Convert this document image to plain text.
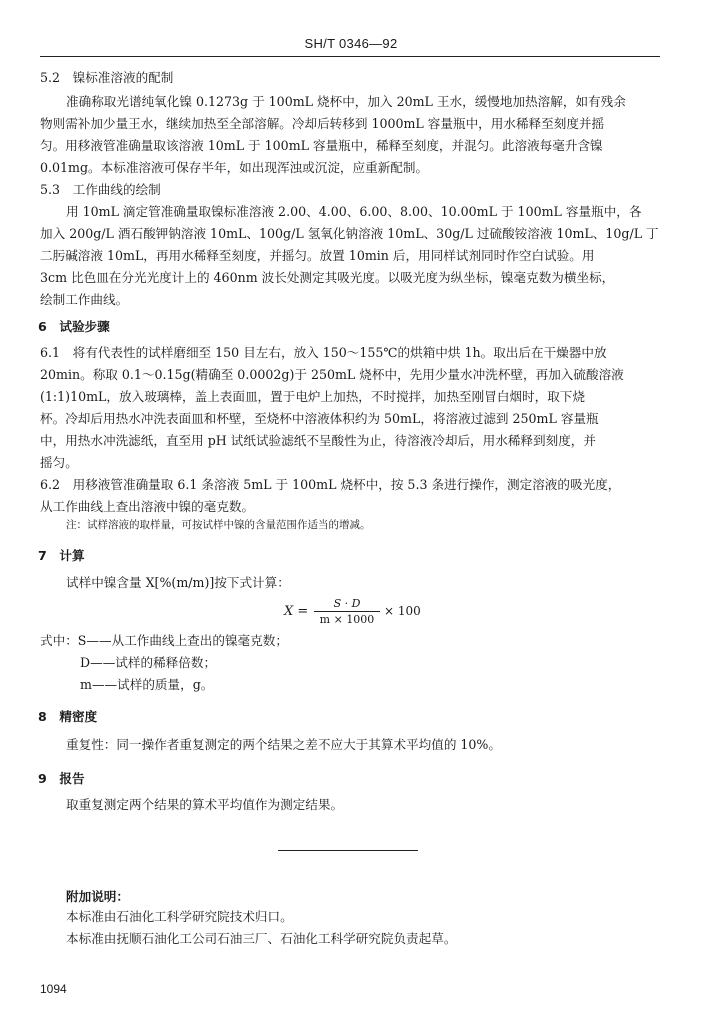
SH/T 0346—92
5.2　镍标准溶液的配制
准确称取光谱纯氧化镍 0.1273g 于 100mL 烧杯中，加入 20mL 王水，缓慢地加热溶解，如有残余
物则需补加少量王水，继续加热至全部溶解。冷却后转移到 1000mL 容量瓶中，用水稀释至刻度并摇
匀。用移液管准确量取该溶液 10mL 于 100mL 容量瓶中，稀释至刻度，并混匀。此溶液每毫升含镍
0.01mg。本标准溶液可保存半年，如出现浑浊或沉淀，应重新配制。
5.3　工作曲线的绘制
用 10mL 滴定管准确量取镍标准溶液 2.00、4.00、6.00、8.00、10.00mL 于 100mL 容量瓶中，各
加入 200g/L 酒石酸钾钠溶液 10mL、100g/L 氢氧化钠溶液 10mL、30g/L 过硫酸铵溶液 10mL、10g/L 丁
二肟碱溶液 10mL，再用水稀释至刻度，并摇匀。放置 10min 后，用同样试剂同时作空白试验。用
3cm 比色皿在分光光度计上的 460nm 波长处测定其吸光度。以吸光度为纵坐标，镍毫克数为横坐标，
绘制工作曲线。
6　试验步骤
6.1　将有代表性的试样磨细至 150 目左右，放入 150～155℃的烘箱中烘 1h。取出后在干燥器中放
20min。称取 0.1～0.15g(精确至 0.0002g)于 250mL 烧杯中，先用少量水冲洗杯壁，再加入硫酸溶液
(1:1)10mL，放入玻璃棒，盖上表面皿，置于电炉上加热，不时搅拌，加热至刚冒白烟时，取下烧
杯。冷却后用热水冲洗表面皿和杯壁，至烧杯中溶液体积约为 50mL，将溶液过滤到 250mL 容量瓶
中，用热水冲洗滤纸，直至用 pH 试纸试验滤纸不呈酸性为止，待溶液冷却后，用水稀释到刻度，并
摇匀。
6.2　用移液管准确量取 6.1 条溶液 5mL 于 100mL 烧杯中，按 5.3 条进行操作，测定溶液的吸光度，
从工作曲线上查出溶液中镍的毫克数。
注：试样溶液的取样量，可按试样中镍的含量范围作适当的增减。
7　计算
试样中镍含量 X[%(m/m)]按下式计算：
$X = \frac{S \cdot D}{m \times 1000} \times 100$
式中：S——从工作曲线上查出的镍毫克数；
D——试样的稀释倍数；
m——试样的质量，g。
8　精密度
重复性：同一操作者重复测定的两个结果之差不应大于其算术平均值的 10%。
9　报告
取重复测定两个结果的算术平均值作为测定结果。
附加说明：
本标准由石油化工科学研究院技术归口。
本标准由抚顺石油化工公司石油三厂、石油化工科学研究院负责起草。
1094
